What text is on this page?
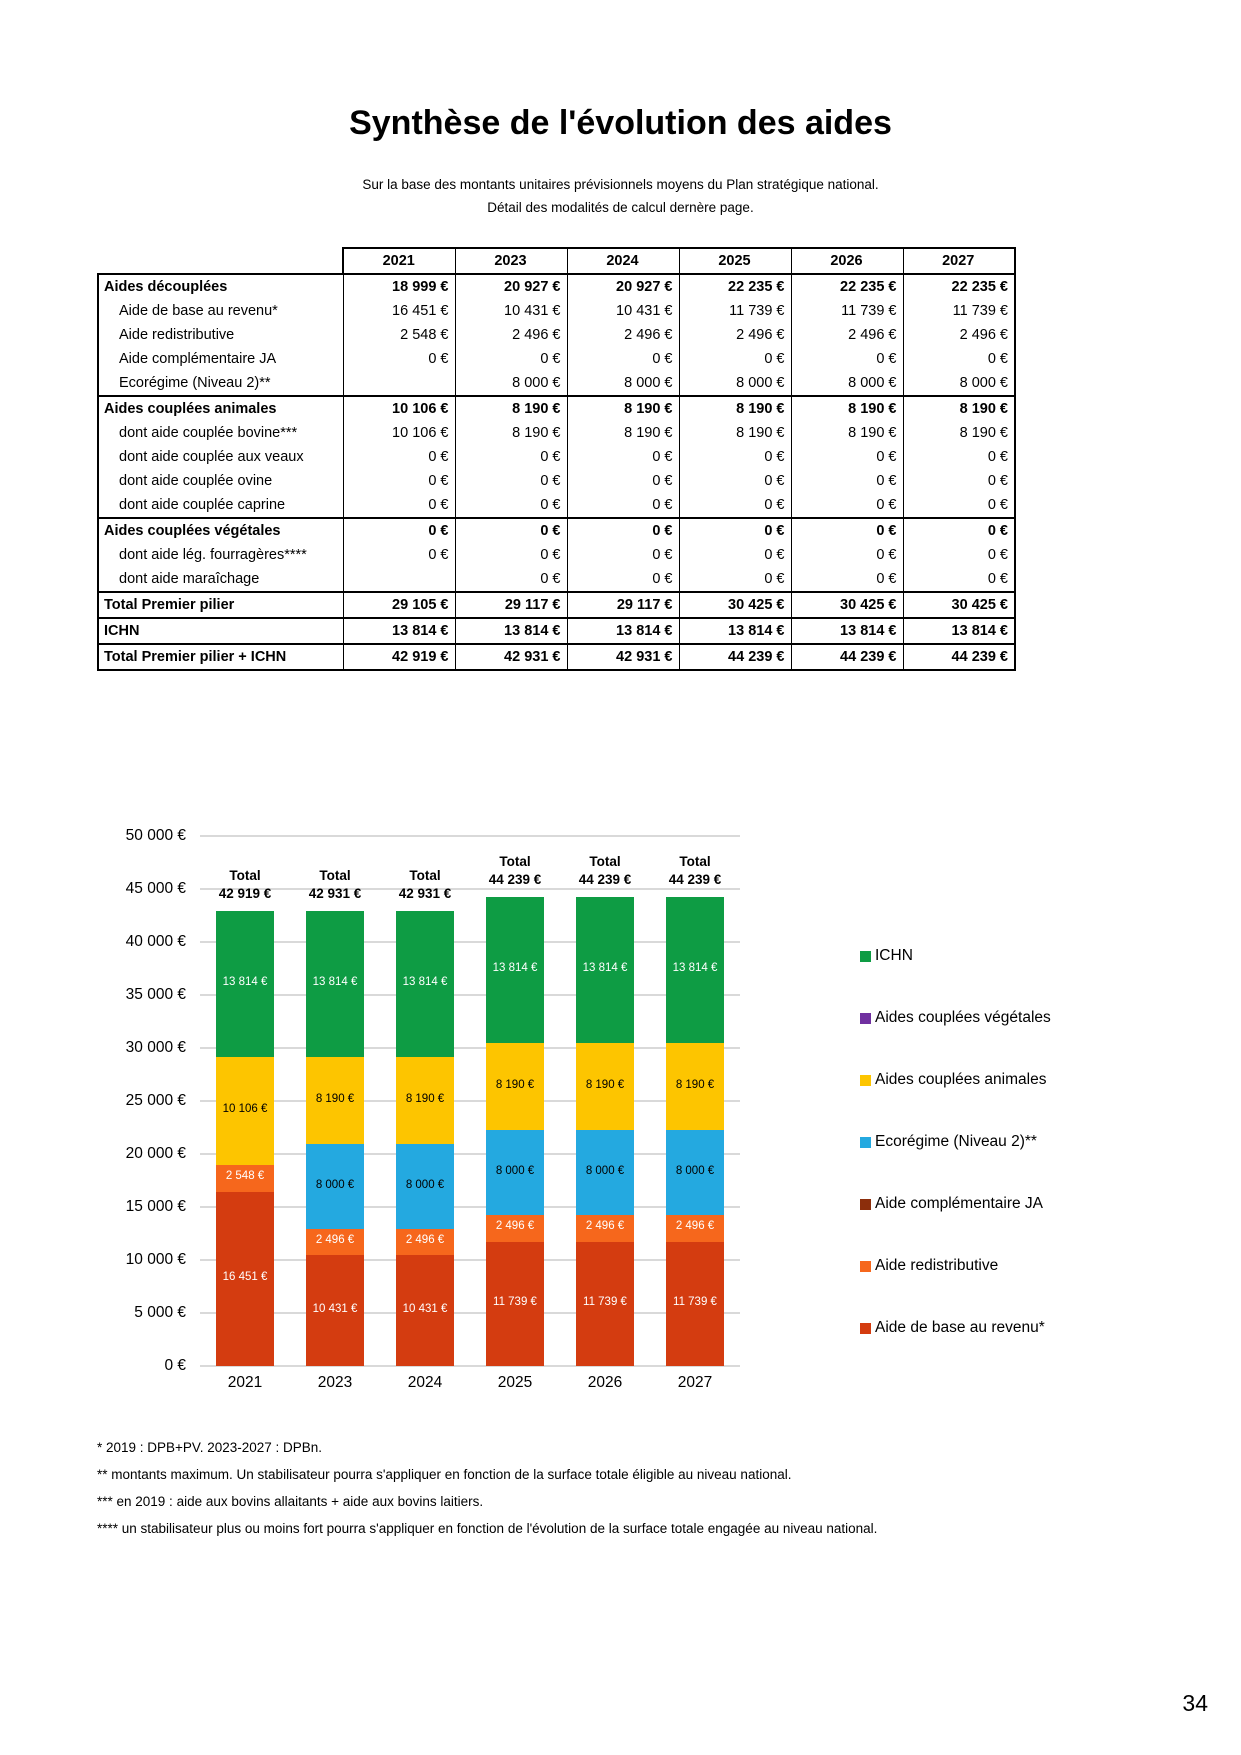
Synthèse de l'évolution des aides
Sur la base des montants unitaires prévisionnels moyens du Plan stratégique national.
Détail des modalités de calcul dernère page.
	2021	2023	2024	2025	2026	2027
Aides découplées	18 999 €	20 927 €	20 927 €	22 235 €	22 235 €	22 235 €
Aide de base au revenu*	16 451 €	10 431 €	10 431 €	11 739 €	11 739 €	11 739 €
Aide redistributive	2 548 €	2 496 €	2 496 €	2 496 €	2 496 €	2 496 €
Aide complémentaire JA	0 €	0 €	0 €	0 €	0 €	0 €
Ecorégime (Niveau 2)**		8 000 €	8 000 €	8 000 €	8 000 €	8 000 €
Aides couplées animales	10 106 €	8 190 €	8 190 €	8 190 €	8 190 €	8 190 €
dont aide couplée bovine***	10 106 €	8 190 €	8 190 €	8 190 €	8 190 €	8 190 €
dont aide couplée aux veaux	0 €	0 €	0 €	0 €	0 €	0 €
dont aide couplée ovine	0 €	0 €	0 €	0 €	0 €	0 €
dont aide couplée caprine	0 €	0 €	0 €	0 €	0 €	0 €
Aides couplées végétales	0 €	0 €	0 €	0 €	0 €	0 €
dont aide lég. fourragères****	0 €	0 €	0 €	0 €	0 €	0 €
dont aide maraîchage		0 €	0 €	0 €	0 €	0 €
Total Premier pilier	29 105 €	29 117 €	29 117 €	30 425 €	30 425 €	30 425 €
ICHN	13 814 €	13 814 €	13 814 €	13 814 €	13 814 €	13 814 €
Total Premier pilier + ICHN	42 919 €	42 931 €	42 931 €	44 239 €	44 239 €	44 239 €
50 000 €
45 000 €
40 000 €
35 000 €
30 000 €
25 000 €
20 000 €
15 000 €
10 000 €
5 000 €
0 €
16 451 €
2 548 €
10 106 €
13 814 €
Total
42 919 €
2021
10 431 €
2 496 €
8 000 €
8 190 €
13 814 €
Total
42 931 €
2023
10 431 €
2 496 €
8 000 €
8 190 €
13 814 €
Total
42 931 €
2024
11 739 €
2 496 €
8 000 €
8 190 €
13 814 €
Total
44 239 €
2025
11 739 €
2 496 €
8 000 €
8 190 €
13 814 €
Total
44 239 €
2026
11 739 €
2 496 €
8 000 €
8 190 €
13 814 €
Total
44 239 €
2027
ICHN
Aides couplées végétales
Aides couplées animales
Ecorégime (Niveau 2)**
Aide complémentaire JA
Aide redistributive
Aide de base au revenu*
34
* 2019 : DPB+PV. 2023-2027 : DPBn.
** montants maximum. Un stabilisateur pourra s'appliquer en fonction de la surface totale éligible au niveau national.
*** en 2019 : aide aux bovins allaitants + aide aux bovins laitiers.
**** un stabilisateur plus ou moins fort pourra s'appliquer en fonction de l'évolution de la surface totale engagée au niveau national.
